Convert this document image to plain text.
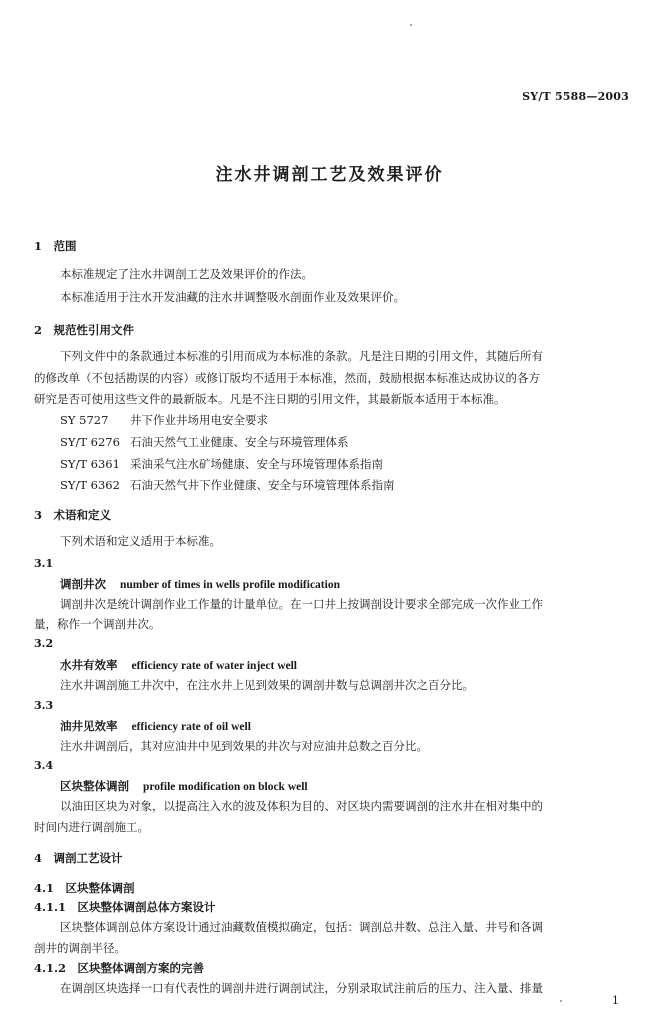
SY/T 5588—2003
注水井调剖工艺及效果评价
1　范围
本标准规定了注水井调剖工艺及效果评价的作法。
本标准适用于注水开发油藏的注水井调整吸水剖面作业及效果评价。
2　规范性引用文件
下列文件中的条款通过本标准的引用而成为本标准的条款。凡是注日期的引用文件，其随后所有
的修改单（不包括勘误的内容）或修订版均不适用于本标准，然而，鼓励根据本标准达成协议的各方
研究是否可使用这些文件的最新版本。凡是不注日期的引用文件，其最新版本适用于本标准。
SY 5727 井下作业井场用电安全要求
SY/T 6276 石油天然气工业健康、安全与环境管理体系
SY/T 6361 采油采气注水矿场健康、安全与环境管理体系指南
SY/T 6362 石油天然气井下作业健康、安全与环境管理体系指南
3　术语和定义
下列术语和定义适用于本标准。
3.1
调剖井次 number of times in wells profile modification
调剖井次是统计调剖作业工作量的计量单位。在一口井上按调剖设计要求全部完成一次作业工作
量，称作一个调剖井次。
3.2
水井有效率 efficiency rate of water inject well
注水井调剖施工井次中，在注水井上见到效果的调剖井数与总调剖井次之百分比。
3.3
油井见效率 efficiency rate of oil well
注水井调剖后，其对应油井中见到效果的井次与对应油井总数之百分比。
3.4
区块整体调剖 profile modification on block well
以油田区块为对象，以提高注入水的波及体积为目的、对区块内需要调剖的注水井在相对集中的
时间内进行调剖施工。
4　调剖工艺设计
4.1　区块整体调剖
4.1.1　区块整体调剖总体方案设计
区块整体调剖总体方案设计通过油藏数值模拟确定，包括：调剖总井数、总注入量、井号和各调
剖井的调剖半径。
4.1.2　区块整体调剖方案的完善
在调剖区块选择一口有代表性的调剖井进行调剖试注，分别录取试注前后的压力、注入量、排量
1
